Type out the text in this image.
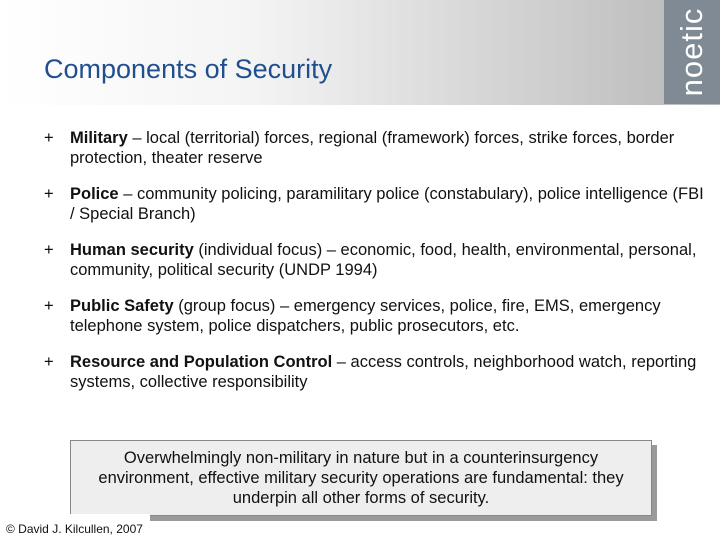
Components of Security	noetic
+ Military – local (territorial) forces, regional (framework) forces, strike forces, border protection, theater reserve
+ Police – community policing, paramilitary police (constabulary), police intelligence (FBI / Special Branch)
+ Human security (individual focus) – economic, food, health, environmental, personal, community, political security (UNDP 1994)
+ Public Safety (group focus) – emergency services, police, fire, EMS, emergency telephone system, police dispatchers, public prosecutors, etc.
+ Resource and Population Control – access controls, neighborhood watch, reporting systems, collective responsibility
Overwhelmingly non-military in nature but in a counterinsurgency environment, effective military security operations are fundamental: they underpin all other forms of security.
© David J. Kilcullen, 2007
